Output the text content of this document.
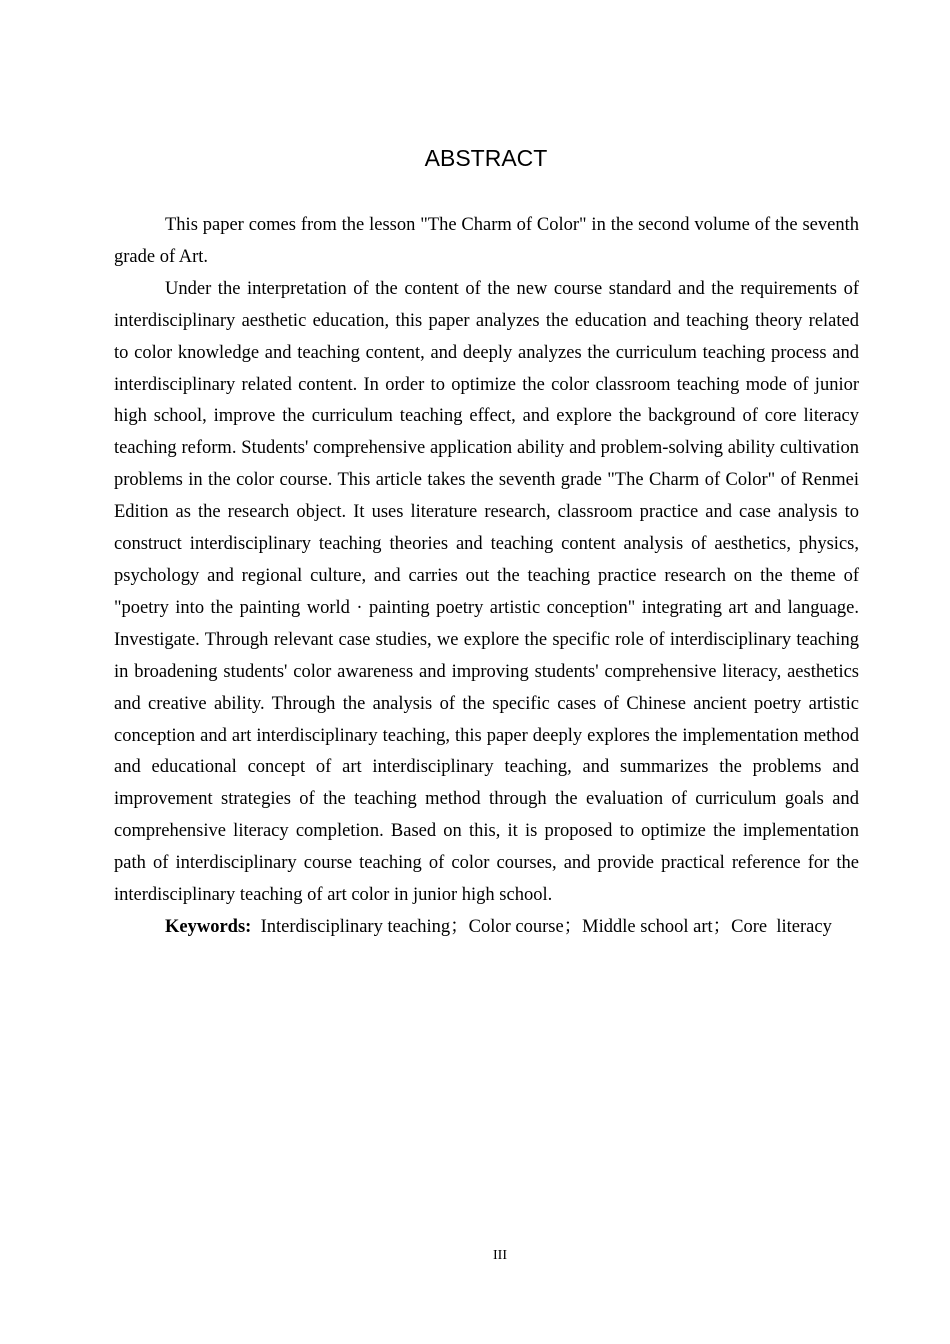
ABSTRACT

This paper comes from the lesson "The Charm of Color" in the second volume of the seventh grade of Art.

Under the interpretation of the content of the new course standard and the requirements of interdisciplinary aesthetic education, this paper analyzes the education and teaching theory related to color knowledge and teaching content, and deeply analyzes the curriculum teaching process and interdisciplinary related content. In order to optimize the color classroom teaching mode of junior high school, improve the curriculum teaching effect, and explore the background of core literacy teaching reform. Students' comprehensive application ability and problem-solving ability cultivation problems in the color course. This article takes the seventh grade "The Charm of Color" of Renmei Edition as the research object. It uses literature research, classroom practice and case analysis to construct interdisciplinary teaching theories and teaching content analysis of aesthetics, physics, psychology and regional culture, and carries out the teaching practice research on the theme of "poetry into the painting world · painting poetry artistic conception" integrating art and language. Investigate. Through relevant case studies, we explore the specific role of interdisciplinary teaching in broadening students' color awareness and improving students' comprehensive literacy, aesthetics and creative ability. Through the analysis of the specific cases of Chinese ancient poetry artistic conception and art interdisciplinary teaching, this paper deeply explores the implementation method and educational concept of art interdisciplinary teaching, and summarizes the problems and improvement strategies of the teaching method through the evaluation of curriculum goals and comprehensive literacy completion. Based on this, it is proposed to optimize the implementation path of interdisciplinary course teaching of color courses, and provide practical reference for the interdisciplinary teaching of art color in junior high school.

Keywords:  Interdisciplinary teaching；Color course；Middle school art；Core  literacy

III
